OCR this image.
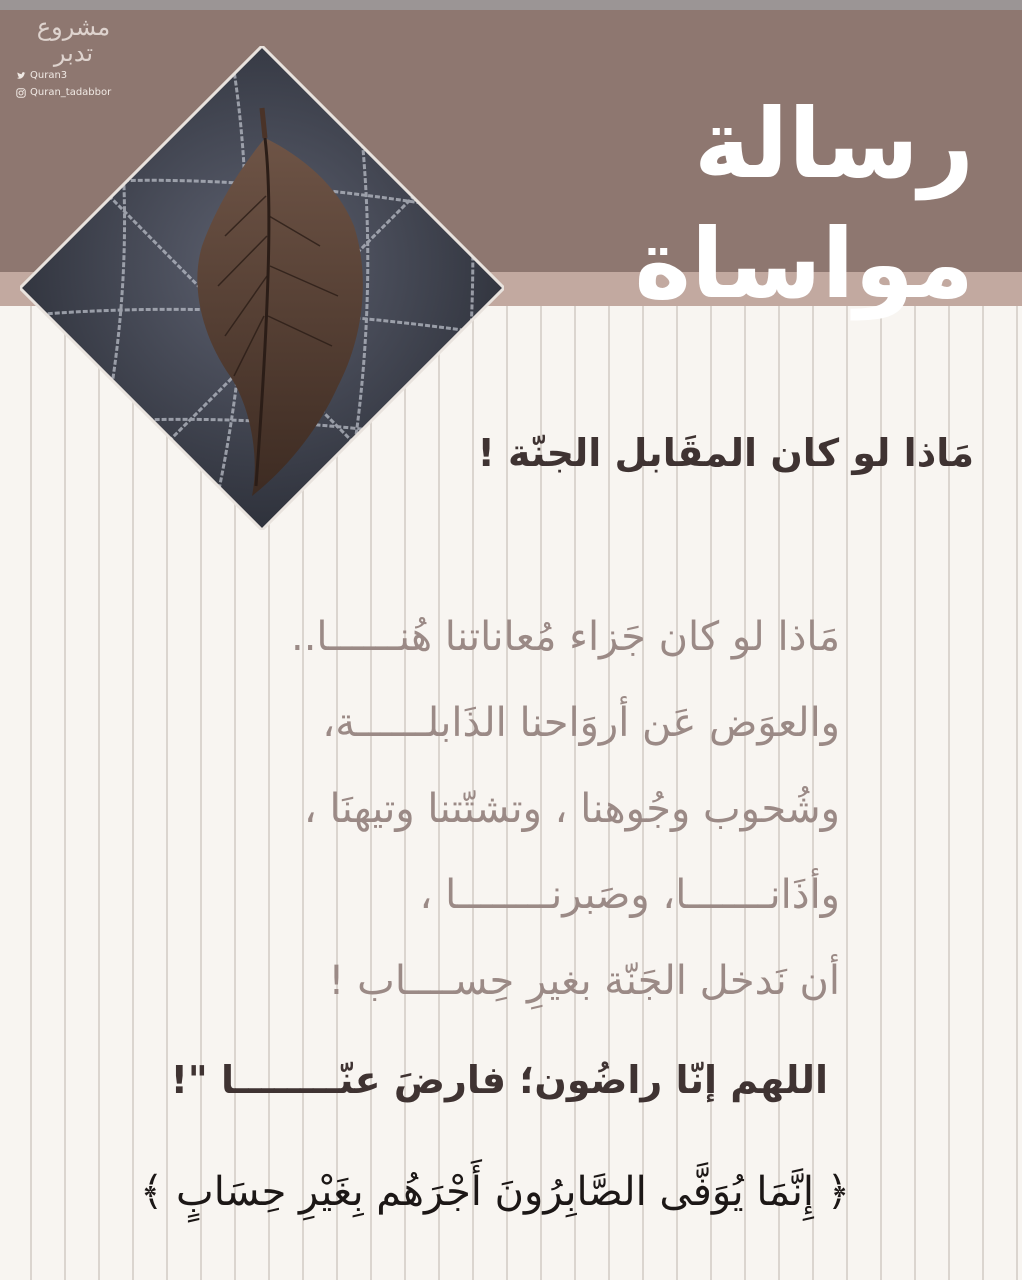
مشروع تدبر
Quran3
Quran_tadabbor	رسالة مواساة
مَاذا لو كان المقَابل الجنّة !
مَاذا لو كان جَزاء مُعاناتنا هُنــــــا..
والعوَض عَن أروَاحنا الذَابلــــــة،
وشُحوب وجُوهنا ، وتشتّتنا وتيهنَا ،
وأذَانـــــــا، وصَبرنــــــــا ،
أن نَدخل الجَنّة بغيرِ حِســــاب !
اللهم إنّا راضُون؛ فارضَ عنّــــــــا "!
﴿ إِنَّمَا يُوَفَّى الصَّابِرُونَ أَجْرَهُم بِغَيْرِ حِسَابٍ ﴾
